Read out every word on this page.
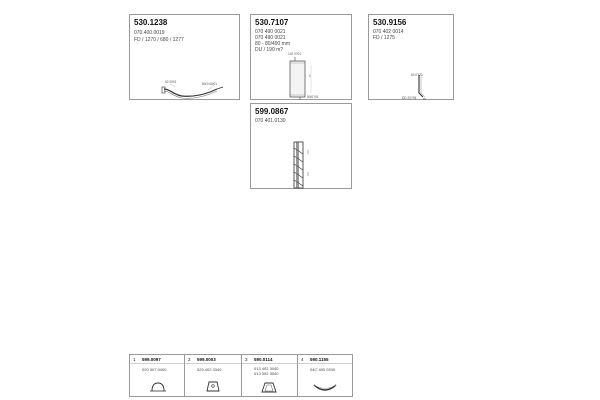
530.1238
070.400.0019
FD / 1270 / 680 / 1277
62 0901	80/1/40/01
530.7107
070 490 0021
070 490 0021
80 - 80/490 mm
DU / 190 m?
1
118 0?01
80/0?01
530.9156
070 402 0014
FD / 1275
60 0?70
DD 20?94
599.0867
070 401.0130
1 599.0097
020 307 0400
2 599.0003
029 402 0340
3 590.0114
013 402 3040
013 392 3040
4 590.1155
04C 490 0340
